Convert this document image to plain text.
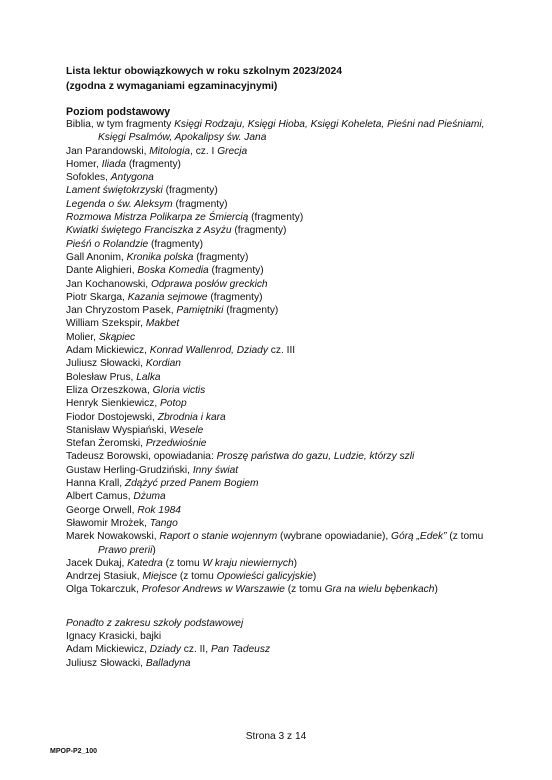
Lista lektur obowiązkowych w roku szkolnym 2023/2024
(zgodna z wymaganiami egzaminacyjnymi)
Poziom podstawowy
Biblia, w tym fragmenty Księgi Rodzaju, Księgi Hioba, Księgi Koheleta, Pieśni nad Pieśniami,
Księgi Psalmów, Apokalipsy św. Jana
Jan Parandowski, Mitologia, cz. I Grecja
Homer, Iliada (fragmenty)
Sofokles, Antygona
Lament świętokrzyski (fragmenty)
Legenda o św. Aleksym (fragmenty)
Rozmowa Mistrza Polikarpa ze Śmiercią (fragmenty)
Kwiatki świętego Franciszka z Asyżu (fragmenty)
Pieśń o Rolandzie (fragmenty)
Gall Anonim, Kronika polska (fragmenty)
Dante Alighieri, Boska Komedia (fragmenty)
Jan Kochanowski, Odprawa posłów greckich
Piotr Skarga, Kazania sejmowe (fragmenty)
Jan Chryzostom Pasek, Pamiętniki (fragmenty)
William Szekspir, Makbet
Molier, Skąpiec
Adam Mickiewicz, Konrad Wallenrod, Dziady cz. III
Juliusz Słowacki, Kordian
Bolesław Prus, Lalka
Eliza Orzeszkowa, Gloria victis
Henryk Sienkiewicz, Potop
Fiodor Dostojewski, Zbrodnia i kara
Stanisław Wyspiański, Wesele
Stefan Żeromski, Przedwiośnie
Tadeusz Borowski, opowiadania: Proszę państwa do gazu, Ludzie, którzy szli
Gustaw Herling-Grudziński, Inny świat
Hanna Krall, Zdążyć przed Panem Bogiem
Albert Camus, Dżuma
George Orwell, Rok 1984
Sławomir Mrożek, Tango
Marek Nowakowski, Raport o stanie wojennym (wybrane opowiadanie), Górą „Edek” (z tomu
Prawo prerii)
Jacek Dukaj, Katedra (z tomu W kraju niewiernych)
Andrzej Stasiuk, Miejsce (z tomu Opowieści galicyjskie)
Olga Tokarczuk, Profesor Andrews w Warszawie (z tomu Gra na wielu bębenkach)
Ponadto z zakresu szkoły podstawowej
Ignacy Krasicki, bajki
Adam Mickiewicz, Dziady cz. II, Pan Tadeusz
Juliusz Słowacki, Balladyna
Strona 3 z 14
MPOP-P2_100
